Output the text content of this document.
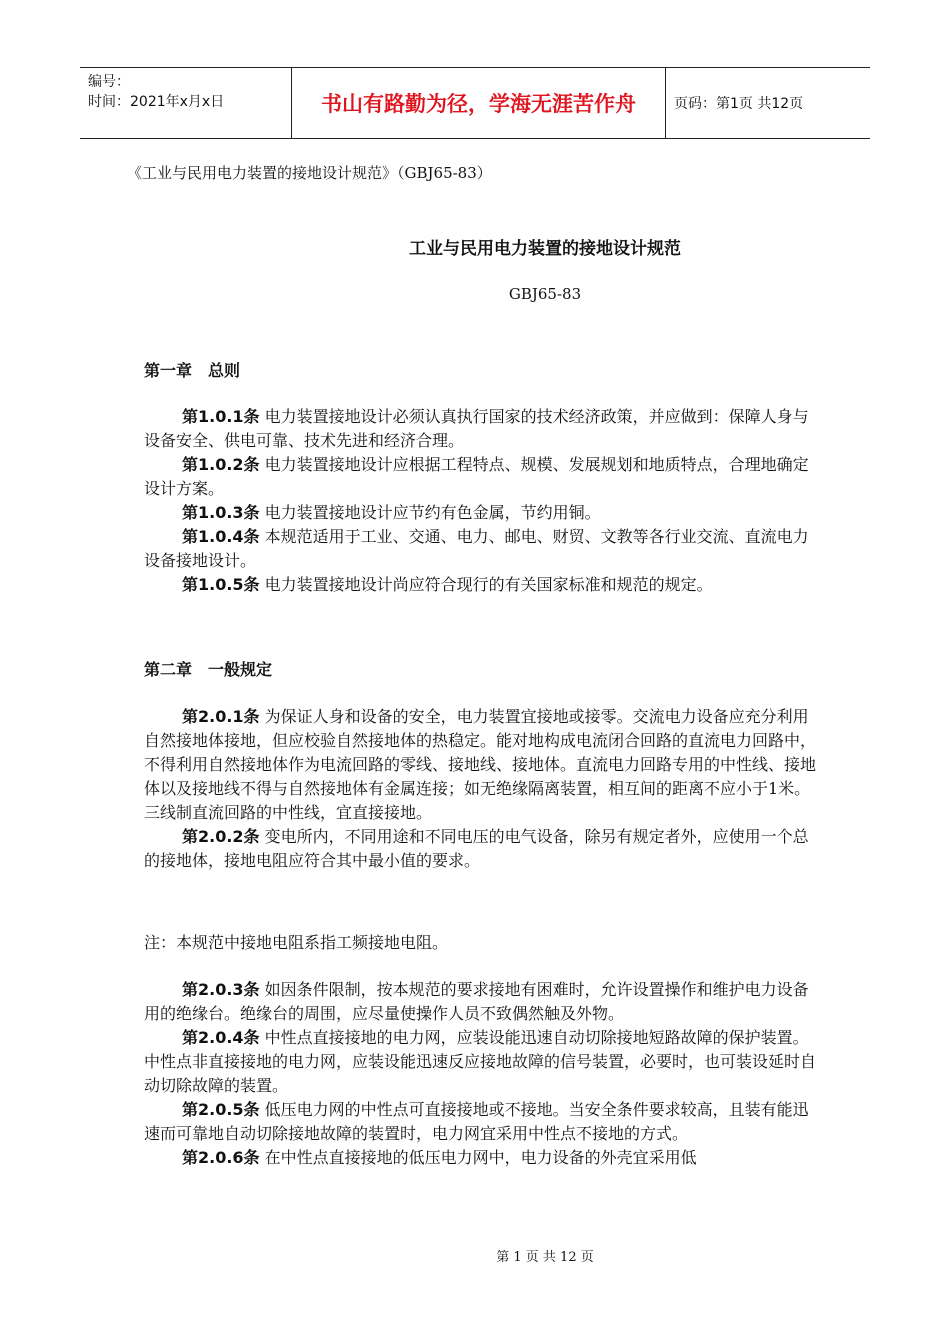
编号：
时间：2021年x月x日	书山有路勤为径，学海无涯苦作舟	页码：第1页 共12页
《工业与民用电力装置的接地设计规范》（GBJ65-83）
工业与民用电力装置的接地设计规范
GBJ65-83
第一章　总则

第1.0.1条 电力装置接地设计必须认真执行国家的技术经济政策，并应做到：保障人身与设备安全、供电可靠、技术先进和经济合理。

第1.0.2条 电力装置接地设计应根据工程特点、规模、发展规划和地质特点，合理地确定设计方案。

第1.0.3条 电力装置接地设计应节约有色金属，节约用铜。

第1.0.4条 本规范适用于工业、交通、电力、邮电、财贸、文教等各行业交流、直流电力设备接地设计。

第1.0.5条 电力装置接地设计尚应符合现行的有关国家标准和规范的规定。

第二章　一般规定

第2.0.1条 为保证人身和设备的安全，电力装置宜接地或接零。交流电力设备应充分利用自然接地体接地，但应校验自然接地体的热稳定。能对地构成电流闭合回路的直流电力回路中，不得利用自然接地体作为电流回路的零线、接地线、接地体。直流电力回路专用的中性线、接地体以及接地线不得与自然接地体有金属连接；如无绝缘隔离装置，相互间的距离不应小于1米。三线制直流回路的中性线，宜直接接地。

第2.0.2条 变电所内，不同用途和不同电压的电气设备，除另有规定者外，应使用一个总的接地体，接地电阻应符合其中最小值的要求。

注：本规范中接地电阻系指工频接地电阻。

第2.0.3条 如因条件限制，按本规范的要求接地有困难时，允许设置操作和维护电力设备用的绝缘台。绝缘台的周围，应尽量使操作人员不致偶然触及外物。

第2.0.4条 中性点直接接地的电力网，应装设能迅速自动切除接地短路故障的保护装置。中性点非直接接地的电力网，应装设能迅速反应接地故障的信号装置，必要时，也可装设延时自动切除故障的装置。

第2.0.5条 低压电力网的中性点可直接接地或不接地。当安全条件要求较高，且装有能迅速而可靠地自动切除接地故障的装置时，电力网宜采用中性点不接地的方式。

第2.0.6条 在中性点直接接地的低压电力网中，电力设备的外壳宜采用低

第 1 页 共 12 页
